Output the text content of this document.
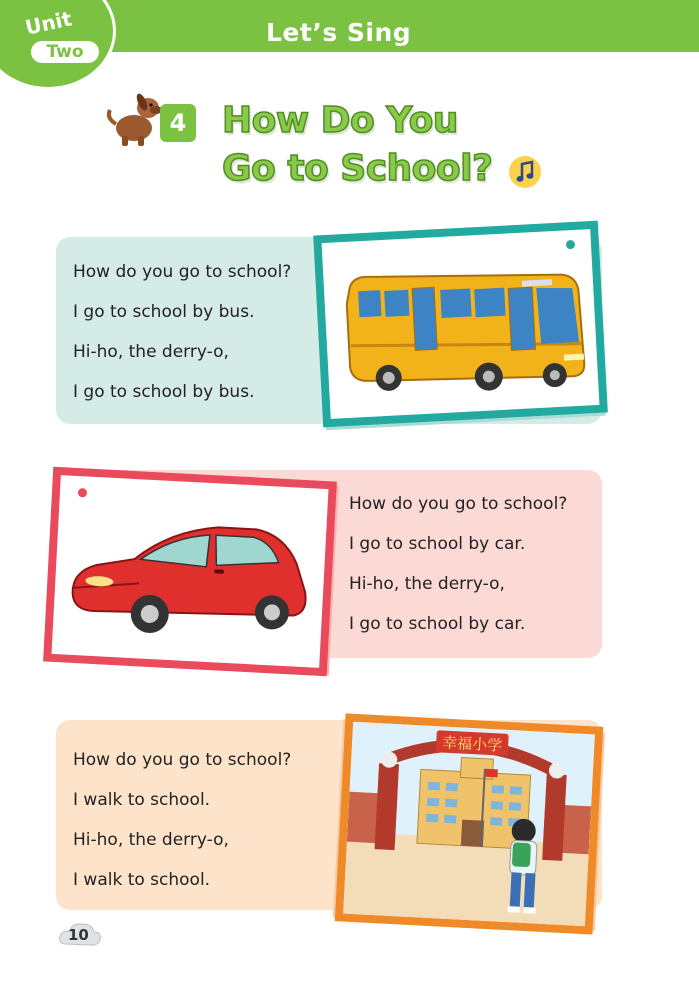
Let’s Sing
Unit
Two
4 How Do You
Go to School?
How do you go to school?
I go to school by bus.
Hi-ho, the derry-o,
I go to school by bus.
How do you go to school?
I go to school by car.
Hi-ho, the derry-o,
I go to school by car.
How do you go to school?
I walk to school.
Hi-ho, the derry-o,
I walk to school.
幸福小学
10
